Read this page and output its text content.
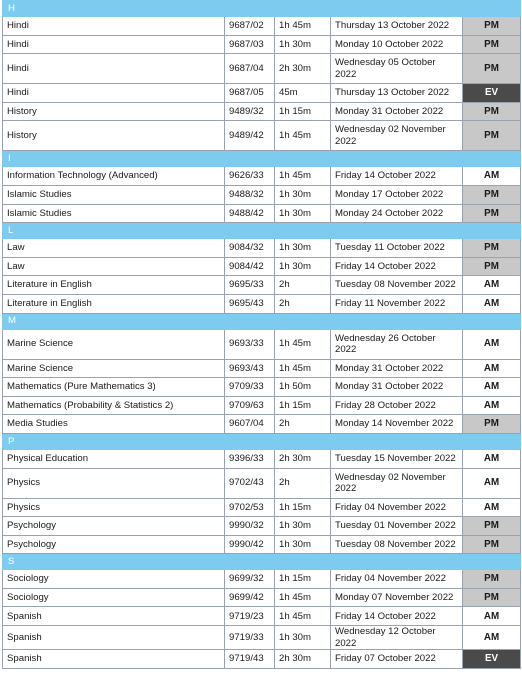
H				
Hindi	9687/02	1h 45m	Thursday 13 October 2022	PM
Hindi	9687/03	1h 30m	Monday 10 October 2022	PM
Hindi	9687/04	2h 30m	Wednesday 05 October 2022	PM
Hindi	9687/05	45m	Thursday 13 October 2022	EV
History	9489/32	1h 15m	Monday 31 October 2022	PM
History	9489/42	1h 45m	Wednesday 02 November 2022	PM
I				
Information Technology (Advanced)	9626/33	1h 45m	Friday 14 October 2022	AM
Islamic Studies	9488/32	1h 30m	Monday 17 October 2022	PM
Islamic Studies	9488/42	1h 30m	Monday 24 October 2022	PM
L				
Law	9084/32	1h 30m	Tuesday 11 October 2022	PM
Law	9084/42	1h 30m	Friday 14 October 2022	PM
Literature in English	9695/33	2h	Tuesday 08 November 2022	AM
Literature in English	9695/43	2h	Friday 11 November 2022	AM
M				
Marine Science	9693/33	1h 45m	Wednesday 26 October 2022	AM
Marine Science	9693/43	1h 45m	Monday 31 October 2022	AM
Mathematics (Pure Mathematics 3)	9709/33	1h 50m	Monday 31 October 2022	AM
Mathematics (Probability & Statistics 2)	9709/63	1h 15m	Friday 28 October 2022	AM
Media Studies	9607/04	2h	Monday 14 November 2022	PM
P				
Physical Education	9396/33	2h 30m	Tuesday 15 November 2022	AM
Physics	9702/43	2h	Wednesday 02 November 2022	AM
Physics	9702/53	1h 15m	Friday 04 November 2022	AM
Psychology	9990/32	1h 30m	Tuesday 01 November 2022	PM
Psychology	9990/42	1h 30m	Tuesday 08 November 2022	PM
S				
Sociology	9699/32	1h 15m	Friday 04 November 2022	PM
Sociology	9699/42	1h 45m	Monday 07 November 2022	PM
Spanish	9719/23	1h 45m	Friday 14 October 2022	AM
Spanish	9719/33	1h 30m	Wednesday 12 October 2022	AM
Spanish	9719/43	2h 30m	Friday 07 October 2022	EV
